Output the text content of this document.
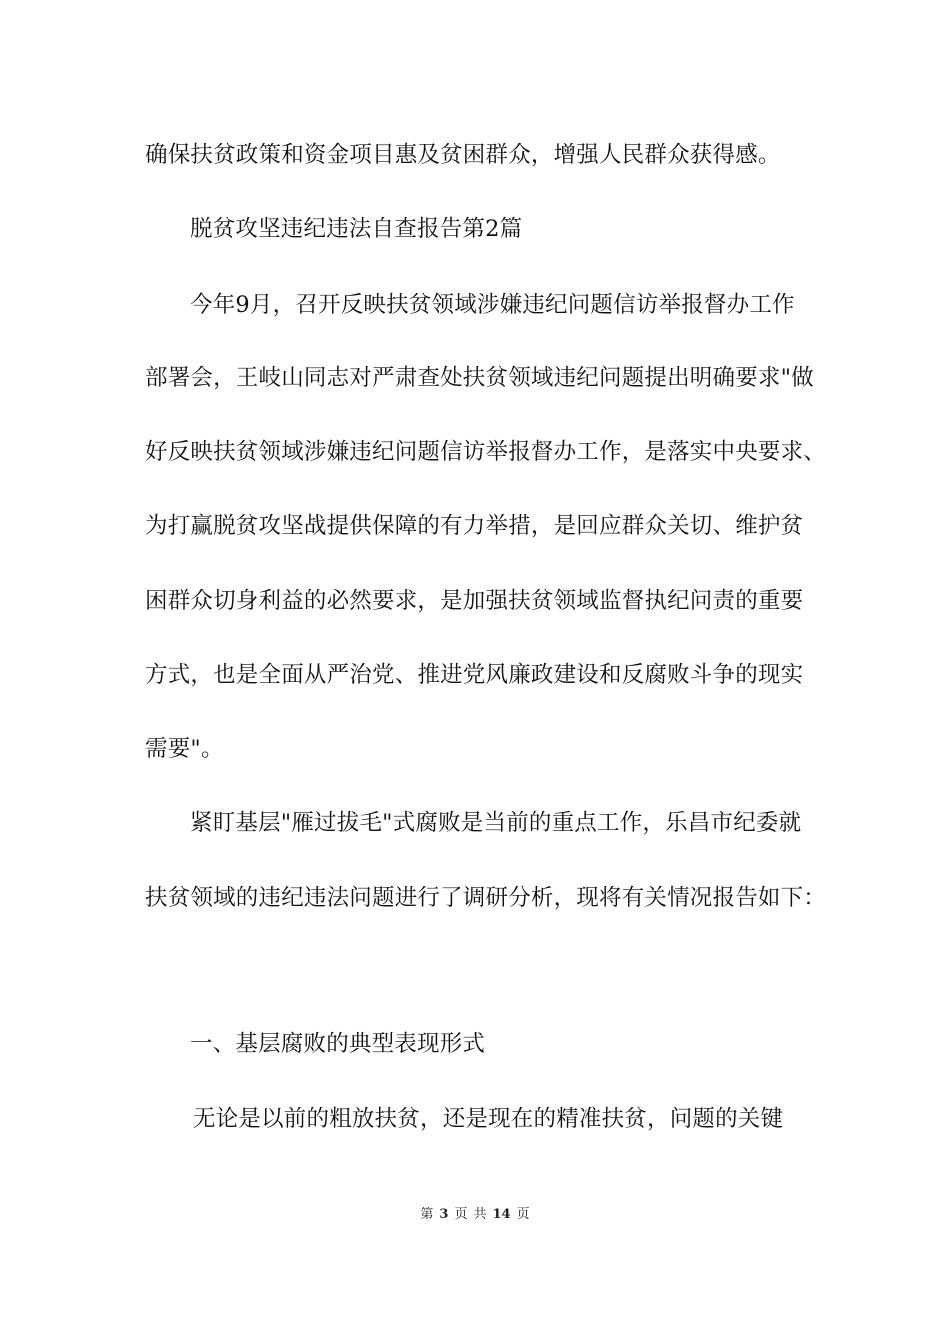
确保扶贫政策和资金项目惠及贫困群众，增强人民群众获得感。
脱贫攻坚违纪违法自查报告第2篇
今年9月，召开反映扶贫领域涉嫌违纪问题信访举报督办工作
部署会，王岐山同志对严肃查处扶贫领域违纪问题提出明确要求"做
好反映扶贫领域涉嫌违纪问题信访举报督办工作，是落实中央要求、
为打赢脱贫攻坚战提供保障的有力举措，是回应群众关切、维护贫
困群众切身利益的必然要求，是加强扶贫领域监督执纪问责的重要
方式，也是全面从严治党、推进党风廉政建设和反腐败斗争的现实
需要"。
紧盯基层"雁过拔毛"式腐败是当前的重点工作，乐昌市纪委就
扶贫领域的违纪违法问题进行了调研分析，现将有关情况报告如下：
一、基层腐败的典型表现形式
无论是以前的粗放扶贫，还是现在的精准扶贫，问题的关键
第 3 页 共 14 页
